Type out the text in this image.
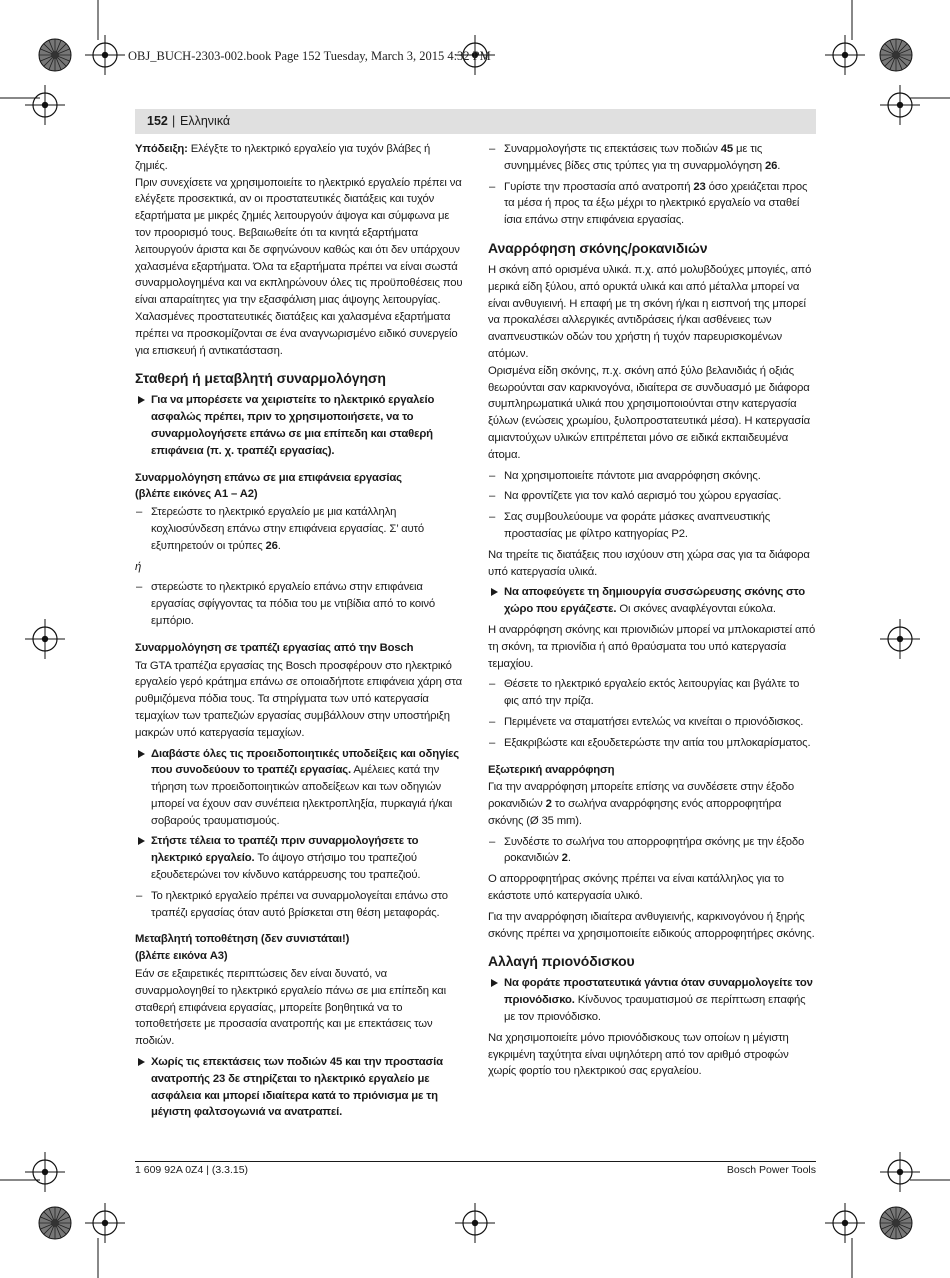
OBJ_BUCH-2303-002.book Page 152 Tuesday, March 3, 2015 4:32 PM
152 | Ελληνικά

Υπόδειξη: Ελέγξτε το ηλεκτρικό εργαλείο για τυχόν βλάβες ή ζημιές.

Πριν συνεχίσετε να χρησιμοποιείτε το ηλεκτρικό εργαλείο πρέπει να ελέγξετε προσεκτικά, αν οι προστατευτικές διατάξεις και τυχόν εξαρτήματα με μικρές ζημιές λειτουργούν άψογα και σύμφωνα με τον προορισμό τους. Βεβαιωθείτε ότι τα κινητά εξαρτήματα λειτουργούν άριστα και δε σφηνώνουν καθώς και ότι δεν υπάρχουν χαλασμένα εξαρτήματα. Όλα τα εξαρτήματα πρέπει να είναι σωστά συναρμολογημένα και να εκπληρώνουν όλες τις προϋποθέσεις που είναι απαραίτητες για την εξασφάλιση μιας άψογης λειτουργίας.

Χαλασμένες προστατευτικές διατάξεις και χαλασμένα εξαρτήματα πρέπει να προσκομίζονται σε ένα αναγνωρισμένο ειδικό συνεργείο για επισκευή ή αντικατάσταση.

Σταθερή ή μεταβλητή συναρμολόγηση

Για να μπορέσετε να χειριστείτε το ηλεκτρικό εργαλείο ασφαλώς πρέπει, πριν το χρησιμοποιήσετε, να το συναρμολογήσετε επάνω σε μια επίπεδη και σταθερή επιφάνεια (π. χ. τραπέζι εργασίας).

Συναρμολόγηση επάνω σε μια επιφάνεια εργασίας
(βλέπε εικόνες A1 – A2)

– Στερεώστε το ηλεκτρικό εργαλείο με μια κατάλληλη κοχλιοσύνδεση επάνω στην επιφάνεια εργασίας. Σ’ αυτό εξυπηρετούν οι τρύπες 26.

ή

– στερεώστε το ηλεκτρικό εργαλείο επάνω στην επιφάνεια εργασίας σφίγγοντας τα πόδια του με ντιβίδια από το κοινό εμπόριο.

Συναρμολόγηση σε τραπέζι εργασίας από την Bosch

Τα GTA τραπέζια εργασίας της Bosch προσφέρουν στο ηλεκτρικό εργαλείο γερό κράτημα επάνω σε οποιαδήποτε επιφάνεια χάρη στα ρυθμιζόμενα πόδια τους. Τα στηρίγματα των υπό κατεργασία τεμαχίων των τραπεζιών εργασίας συμβάλλουν στην υποστήριξη μακρών υπό κατεργασία τεμαχίων.

Διαβάστε όλες τις προειδοποιητικές υποδείξεις και οδηγίες που συνοδεύουν το τραπέζι εργασίας. Αμέλειες κατά την τήρηση των προειδοποιητικών αποδείξεων και των οδηγιών μπορεί να έχουν σαν συνέπεια ηλεκτροπληξία, πυρκαγιά ή/και σοβαρούς τραυματισμούς.

Στήστε τέλεια το τραπέζι πριν συναρμολογήσετε το ηλεκτρικό εργαλείο. Το άψογο στήσιμο του τραπεζιού εξουδετερώνει τον κίνδυνο κατάρρευσης του τραπεζιού.

– Το ηλεκτρικό εργαλείο πρέπει να συναρμολογείται επάνω στο τραπέζι εργασίας όταν αυτό βρίσκεται στη θέση μεταφοράς.

Μεταβλητή τοποθέτηση (δεν συνιστάται!)
(βλέπε εικόνα A3)

Εάν σε εξαιρετικές περιπτώσεις δεν είναι δυνατό, να συναρμολογηθεί το ηλεκτρικό εργαλείο πάνω σε μια επίπεδη και σταθερή επιφάνεια εργασίας, μπορείτε βοηθητικά να το τοποθετήσετε με προσασία ανατροπής και με επεκτάσεις των ποδιών.

Χωρίς τις επεκτάσεις των ποδιών 45 και την προστασία ανατροπής 23 δε στηρίζεται το ηλεκτρικό εργαλείο με ασφάλεια και μπορεί ιδιαίτερα κατά το πριόνισμα με τη μέγιστη φαλτσογωνιά να ανατραπεί.

– Συναρμολογήστε τις επεκτάσεις των ποδιών 45 με τις συνημμένες βίδες στις τρύπες για τη συναρμολόγηση 26.

– Γυρίστε την προστασία από ανατροπή 23 όσο χρειάζεται προς τα μέσα ή προς τα έξω μέχρι το ηλεκτρικό εργαλείο να σταθεί ίσια επάνω στην επιφάνεια εργασίας.

Αναρρόφηση σκόνης/ροκανιδιών

Η σκόνη από ορισμένα υλικά. π.χ. από μολυβδούχες μπογιές, από μερικά είδη ξύλου, από ορυκτά υλικά και από μέταλλα μπορεί να είναι ανθυγιεινή. Η επαφή με τη σκόνη ή/και η εισπνοή της μπορεί να προκαλέσει αλλεργικές αντιδράσεις ή/και ασθένειες των αναπνευστικών οδών του χρήστη ή τυχόν παρευρισκομένων ατόμων.

Ορισμένα είδη σκόνης, π.χ. σκόνη από ξύλο βελανιδιάς ή οξιάς θεωρούνται σαν καρκινογόνα, ιδιαίτερα σε συνδυασμό με διάφορα συμπληρωματικά υλικά που χρησιμοποιούνται στην κατεργασία ξύλων (ενώσεις χρωμίου, ξυλοπροστατευτικά μέσα). Η κατεργασία αμιαντούχων υλικών επιτρέπεται μόνο σε ειδικά εκπαιδευμένα άτομα.

– Να χρησιμοποιείτε πάντοτε μια αναρρόφηση σκόνης.

– Να φροντίζετε για τον καλό αερισμό του χώρου εργασίας.

– Σας συμβουλεύουμε να φοράτε μάσκες αναπνευστικής προστασίας με φίλτρο κατηγορίας P2.

Να τηρείτε τις διατάξεις που ισχύουν στη χώρα σας για τα διάφορα υπό κατεργασία υλικά.

Να αποφεύγετε τη δημιουργία συσσώρευσης σκόνης στο χώρο που εργάζεστε. Οι σκόνες αναφλέγονται εύκολα.

Η αναρρόφηση σκόνης και πριονιδιών μπορεί να μπλοκαριστεί από τη σκόνη, τα πριονίδια ή από θραύσματα του υπό κατεργασία τεμαχίου.

– Θέσετε το ηλεκτρικό εργαλείο εκτός λειτουργίας και βγάλτε το φις από την πρίζα.

– Περιμένετε να σταματήσει εντελώς να κινείται ο πριονόδισκος.

– Εξακριβώστε και εξουδετερώστε την αιτία του μπλοκαρίσματος.

Εξωτερική αναρρόφηση

Για την αναρρόφηση μπορείτε επίσης να συνδέσετε στην έξοδο ροκανιδιών 2 το σωλήνα αναρρόφησης ενός απορροφητήρα σκόνης (Ø 35 mm).

– Συνδέστε το σωλήνα του απορροφητήρα σκόνης με την έξοδο ροκανιδιών 2.

Ο απορροφητήρας σκόνης πρέπει να είναι κατάλληλος για το εκάστοτε υπό κατεργασία υλικό.

Για την αναρρόφηση ιδιαίτερα ανθυγιεινής, καρκινογόνου ή ξηρής σκόνης πρέπει να χρησιμοποιείτε ειδικούς απορροφητήρες σκόνης.

Αλλαγή πριονόδισκου

Να φοράτε προστατευτικά γάντια όταν συναρμολογείτε τον πριονόδισκο. Κίνδυνος τραυματισμού σε περίπτωση επαφής με τον πριονόδισκο.

Να χρησιμοποιείτε μόνο πριονόδισκους των οποίων η μέγιστη εγκριμένη ταχύτητα είναι υψηλότερη από τον αριθμό στροφών χωρίς φορτίο του ηλεκτρικού σας εργαλείου.

1 609 92A 0Z4 | (3.3.15)	Bosch Power Tools
